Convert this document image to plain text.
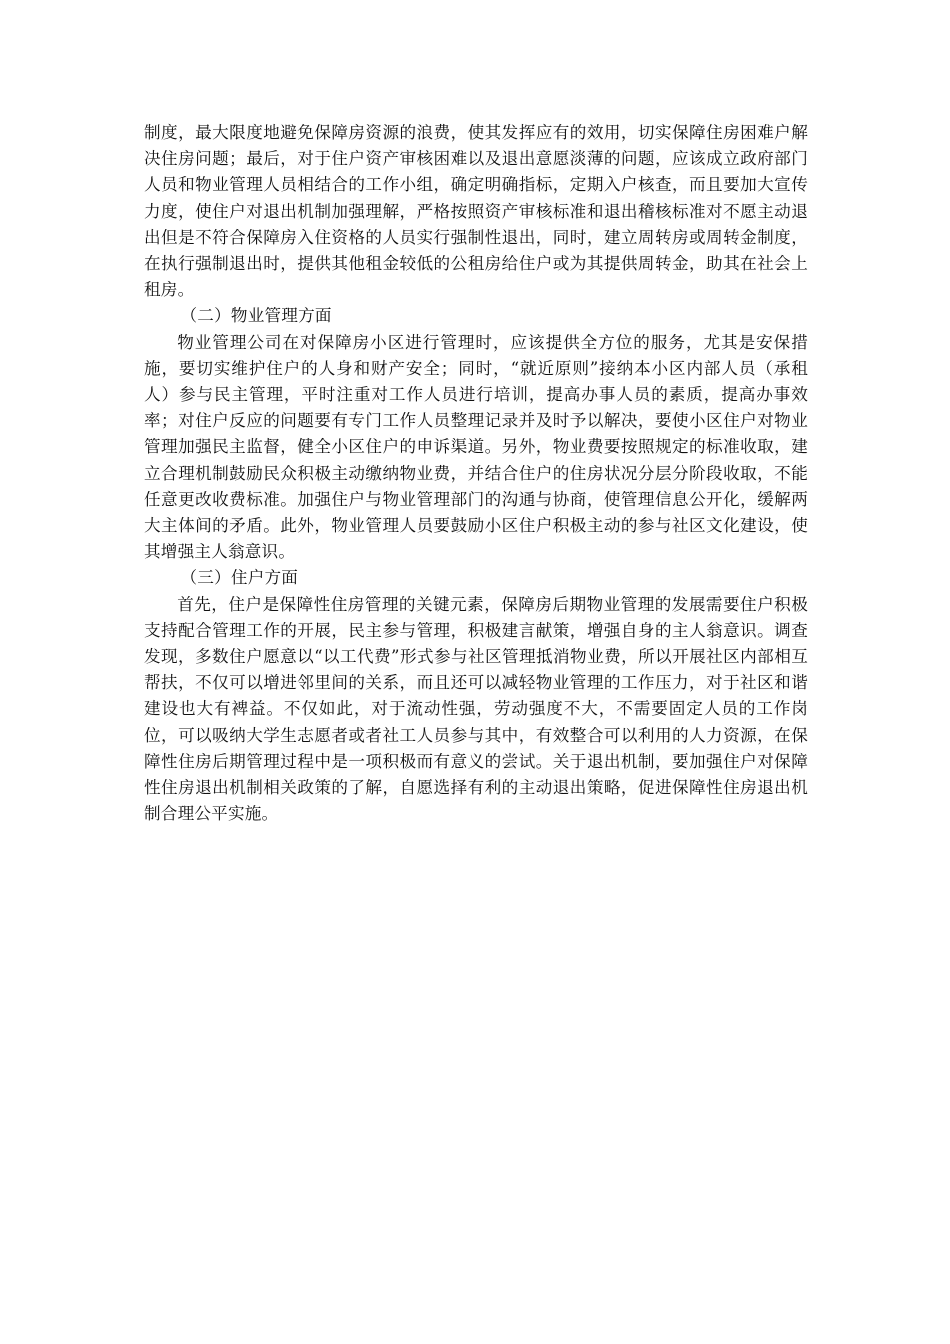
制度，最大限度地避免保障房资源的浪费，使其发挥应有的效用，切实保障住房困难户解决住房问题；最后，对于住户资产审核困难以及退出意愿淡薄的问题，应该成立政府部门人员和物业管理人员相结合的工作小组，确定明确指标，定期入户核查，而且要加大宣传力度，使住户对退出机制加强理解，严格按照资产审核标准和退出稽核标准对不愿主动退出但是不符合保障房入住资格的人员实行强制性退出，同时，建立周转房或周转金制度，在执行强制退出时，提供其他租金较低的公租房给住户或为其提供周转金，助其在社会上租房。

（二）物业管理方面

物业管理公司在对保障房小区进行管理时，应该提供全方位的服务，尤其是安保措施，要切实维护住户的人身和财产安全；同时，“就近原则”接纳本小区内部人员（承租人）参与民主管理，平时注重对工作人员进行培训，提高办事人员的素质，提高办事效率；对住户反应的问题要有专门工作人员整理记录并及时予以解决，要使小区住户对物业管理加强民主监督，健全小区住户的申诉渠道。另外，物业费要按照规定的标准收取，建立合理机制鼓励民众积极主动缴纳物业费，并结合住户的住房状况分层分阶段收取，不能任意更改收费标准。加强住户与物业管理部门的沟通与协商，使管理信息公开化，缓解两大主体间的矛盾。此外，物业管理人员要鼓励小区住户积极主动的参与社区文化建设，使其增强主人翁意识。

（三）住户方面

首先，住户是保障性住房管理的关键元素，保障房后期物业管理的发展需要住户积极支持配合管理工作的开展，民主参与管理，积极建言献策，增强自身的主人翁意识。调查发现，多数住户愿意以“以工代费”形式参与社区管理抵消物业费，所以开展社区内部相互帮扶，不仅可以增进邻里间的关系，而且还可以减轻物业管理的工作压力，对于社区和谐建设也大有裨益。不仅如此，对于流动性强，劳动强度不大，不需要固定人员的工作岗位，可以吸纳大学生志愿者或者社工人员参与其中，有效整合可以利用的人力资源，在保障性住房后期管理过程中是一项积极而有意义的尝试。关于退出机制，要加强住户对保障性住房退出机制相关政策的了解，自愿选择有利的主动退出策略，促进保障性住房退出机制合理公平实施。
